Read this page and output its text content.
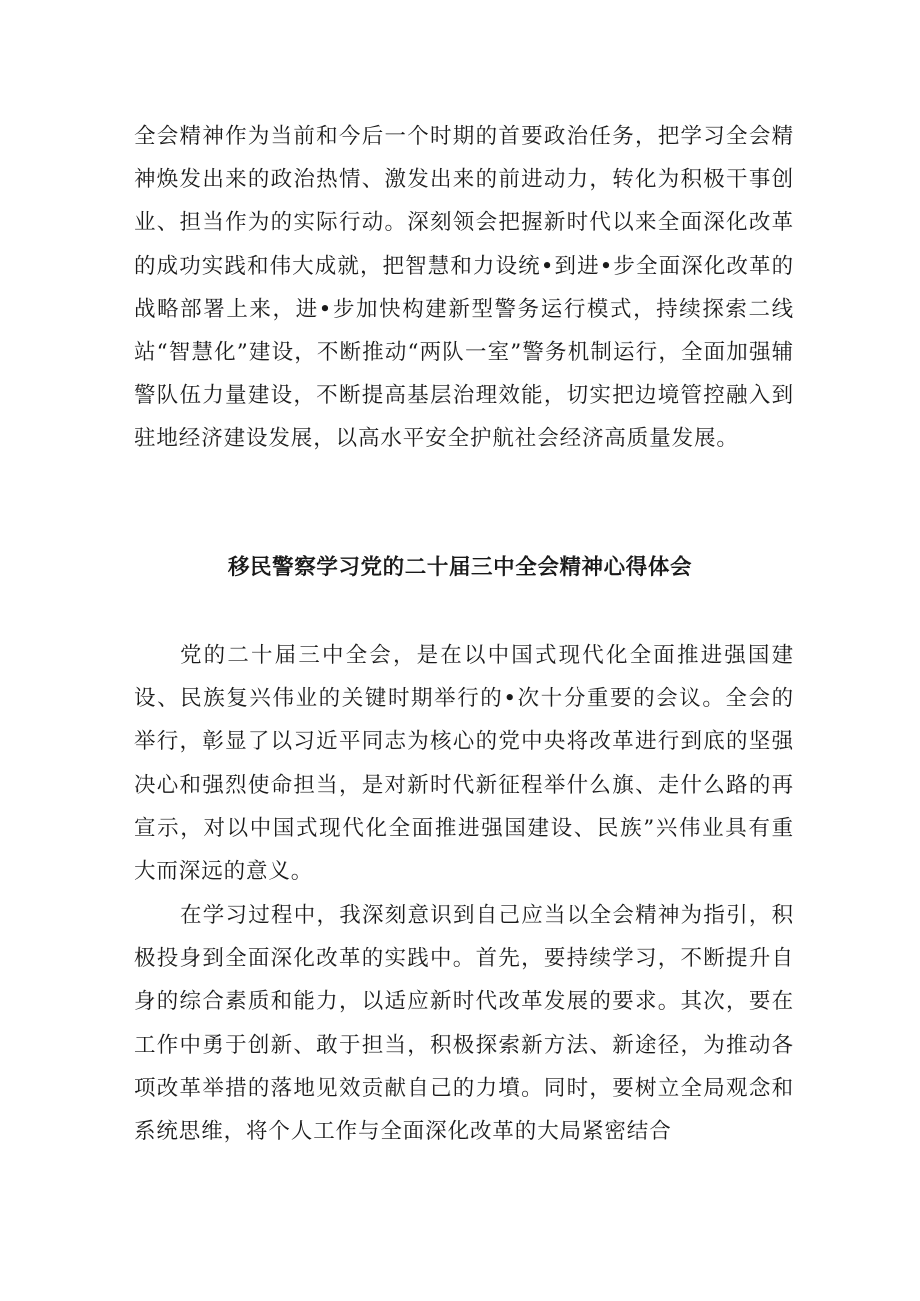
全会精神作为当前和今后一个时期的首要政治任务，把学习全会精神焕发出来的政治热情、激发出来的前进动力，转化为积极干事创业、担当作为的实际行动。深刻领会把握新时代以来全面深化改革的成功实践和伟大成就，把智慧和力设统•到进•步全面深化改革的战略部署上来，进•步加快构建新型警务运行模式，持续探索二线站“智慧化”建设，不断推动“两队一室”警务机制运行，全面加强辅警队伍力量建设，不断提高基层治理效能，切实把边境管控融入到驻地经济建设发展，以高水平安全护航社会经济高质量发展。

移民警察学习党的二十届三中全会精神心得体会

党的二十届三中全会，是在以中国式现代化全面推进强国建设、民族复兴伟业的关键时期举行的•次十分重要的会议。全会的举行，彰显了以习近平同志为核心的党中央将改革进行到底的坚强决心和强烈使命担当，是对新时代新征程举什么旗、走什么路的再宣示，对以中国式现代化全面推进强国建设、民族”兴伟业具有重大而深远的意义。

在学习过程中，我深刻意识到自己应当以全会精神为指引，积极投身到全面深化改革的实践中。首先，要持续学习，不断提升自身的综合素质和能力，以适应新时代改革发展的要求。其次，要在工作中勇于创新、敢于担当，积极探索新方法、新途径，为推动各项改革举措的落地见效贡献自己的力墳。同时，要树立全局观念和系统思维，将个人工作与全面深化改革的大局紧密结合
